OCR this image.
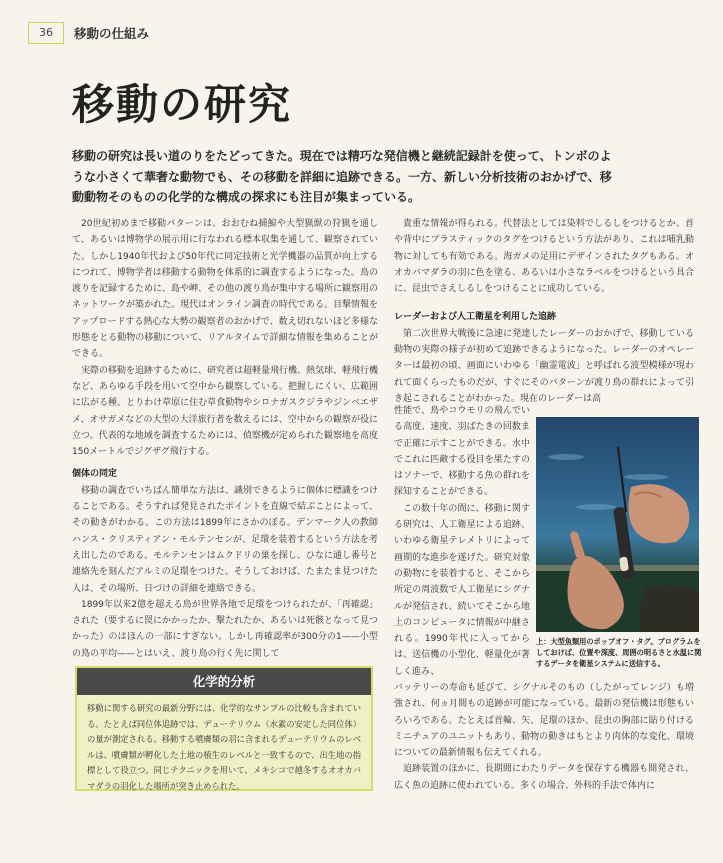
36	移動の仕組み
移動の研究

移動の研究は長い道のりをたどってきた。現在では精巧な発信機と継続記録計を使って、トンボのような小さくて華奢な動物でも、その移動を詳細に追跡できる。一方、新しい分析技術のおかげで、移動動物そのものの化学的な構成の探求にも注目が集まっている。

20世紀初めまで移動パターンは、おおむね捕鯨や大型猟獣の狩猟を通して、あるいは博物学の展示用に行なわれる標本収集を通して、観察されていた。しかし1940年代および50年代に同定技術と光学機器の品質が向上するにつれて、博物学者は移動する動物を体系的に調査するようになった。鳥の渡りを記録するために、島や岬、その他の渡り鳥が集中する場所に観察用のネットワークが築かれた。現代はオンライン調査の時代である。目撃情報をアップロードする熱心な大勢の観察者のおかげで、数え切れないほど多様な形態をとる動物の移動について、リアルタイムで詳細な情報を集めることができる。

実際の移動を追跡するために、研究者は超軽量飛行機、熱気球、軽飛行機など、あらゆる手段を用いて空中から観察している。把握しにくい、広範囲に広がる種、とりわけ草原に住む草食動物やシロナガスクジラやジンベエザメ、オサガメなどの大型の大洋旅行者を数えるには、空中からの観察が役に立つ。代表的な地域を調査するためには、偵察機が定められた観察地を高度150メートルでジグザグ飛行する。

個体の同定

移動の調査でいちばん簡単な方法は、識別できるように個体に標識をつけることである。そうすれば発見されたポイントを直線で結ぶことによって、その動きがわかる。この方法は1899年にさかのぼる。デンマーク人の教師ハンス・クリスティアン・モルテンセンが、足環を装着するという方法を考え出したのである。モルテンセンはムクドリの巣を探し、ひなに通し番号と連絡先を刻んだアルミの足環をつけた。そうしておけば、たまたま見つけた人は、その場所、日づけの詳細を連絡できる。

1899年以来2億を超える鳥が世界各地で足環をつけられたが、「再確認」された（要するに罠にかかったか、撃たれたか、あるいは死骸となって見つかった）のはほんの一部にすぎない。しかし再確認率が300分の1——小型の鳥の平均——とはいえ、渡り鳥の行く先に関して

化学的分析
移動に関する研究の最新分野には、化学的なサンプルの比較も含まれている。たとえば同位体追跡では、デューテリウム（水素の安定した同位体）の量が測定される。移動する噴膚類の羽に含まれるデューテリウムのレベルは、噴膚類が孵化した土地の植生のレベルと一致するので、出生地の指標として役立つ。同じテクニックを用いて、メキシコで越冬するオオカバマダラの羽化した場所が突き止められた。

貴重な情報が得られる。代替法としては染料でしるしをつけるとか、首や背中にプラスティックのタグをつけるという方法があり、これは哺乳動物に対しても有効である。海ガメの足用にデザインされたタグもある。オオカバマダラの羽に色を塗る、あるいは小さなラベルをつけるという具合に、昆虫でさえしるしをつけることに成功している。

レーダーおよび人工衛星を利用した追跡

第二次世界大戦後に急速に発達したレーダーのおかげで、移動している動物の実際の様子が初めて追跡できるようになった。レーダーのオペレーターは最初の頃、画面にいわゆる「幽霊電波」と呼ばれる波型模様が現われて面くらったものだが、すぐにそのパターンが渡り鳥の群れによって引き起こされることがわかった。現在のレーダーは高

性能で、鳥やコウモリの飛んでいる高度、速度、羽ばたきの回数まで正確に示すことができる。水中でこれに匹敵する役目を果たすのはソナーで、移動する魚の群れを探知することができる。

この数十年の間に、移動に関する研究は、人工衛星による追跡、いわゆる衛星テレメトリによって画期的な進歩を遂げた。研究対象の動物にを装着すると、そこから所定の周波数で人工衛星にシグナルが発信され、続いてそこから地上のコンピュータに情報が中継される。1990年代に入ってからは、送信機の小型化、軽量化が著しく進み、

上：大型魚類用のポップオフ・タグ。プログラムをしておけば、位置や深度、周囲の明るさと水温に関するデータを衛星システムに送信する。

バッテリーの寿命も延びて、シグナルそのもの（したがってレンジ）も増強され、何ヵ月間もの追跡が可能になっている。最新の発信機は形態もいろいろである。たとえば首輪、矢、足環のほか、昆虫の胸部に貼り付けるミニチュアのユニットもあり、動物の動きはもとより肉体的な変化、環境についての最新情報も伝えてくれる。

追跡装置のほかに、長期間にわたりデータを保存する機器も開発され、広く魚の追跡に使われている。多くの場合、外科的手法で体内に
